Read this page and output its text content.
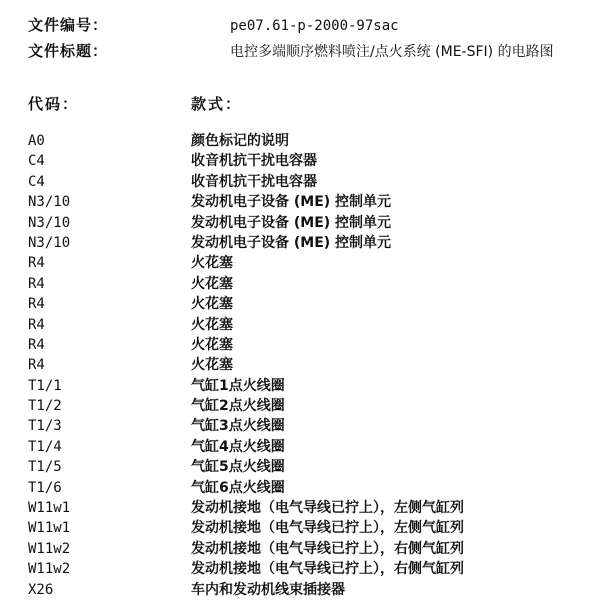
文件编号：	pe07.61-p-2000-97sac
文件标题：	电控多端顺序燃料喷注/点火系统 (ME-SFI) 的电路图
代码：	款式：
A0	颜色标记的说明
C4	收音机抗干扰电容器
C4	收音机抗干扰电容器
N3/10	发动机电子设备 (ME) 控制单元
N3/10	发动机电子设备 (ME) 控制单元
N3/10	发动机电子设备 (ME) 控制单元
R4	火花塞
R4	火花塞
R4	火花塞
R4	火花塞
R4	火花塞
R4	火花塞
T1/1	气缸1点火线圈
T1/2	气缸2点火线圈
T1/3	气缸3点火线圈
T1/4	气缸4点火线圈
T1/5	气缸5点火线圈
T1/6	气缸6点火线圈
W11w1	发动机接地（电气导线已拧上），左侧气缸列
W11w1	发动机接地（电气导线已拧上），左侧气缸列
W11w2	发动机接地（电气导线已拧上），右侧气缸列
W11w2	发动机接地（电气导线已拧上），右侧气缸列
X26	车内和发动机线束插接器
